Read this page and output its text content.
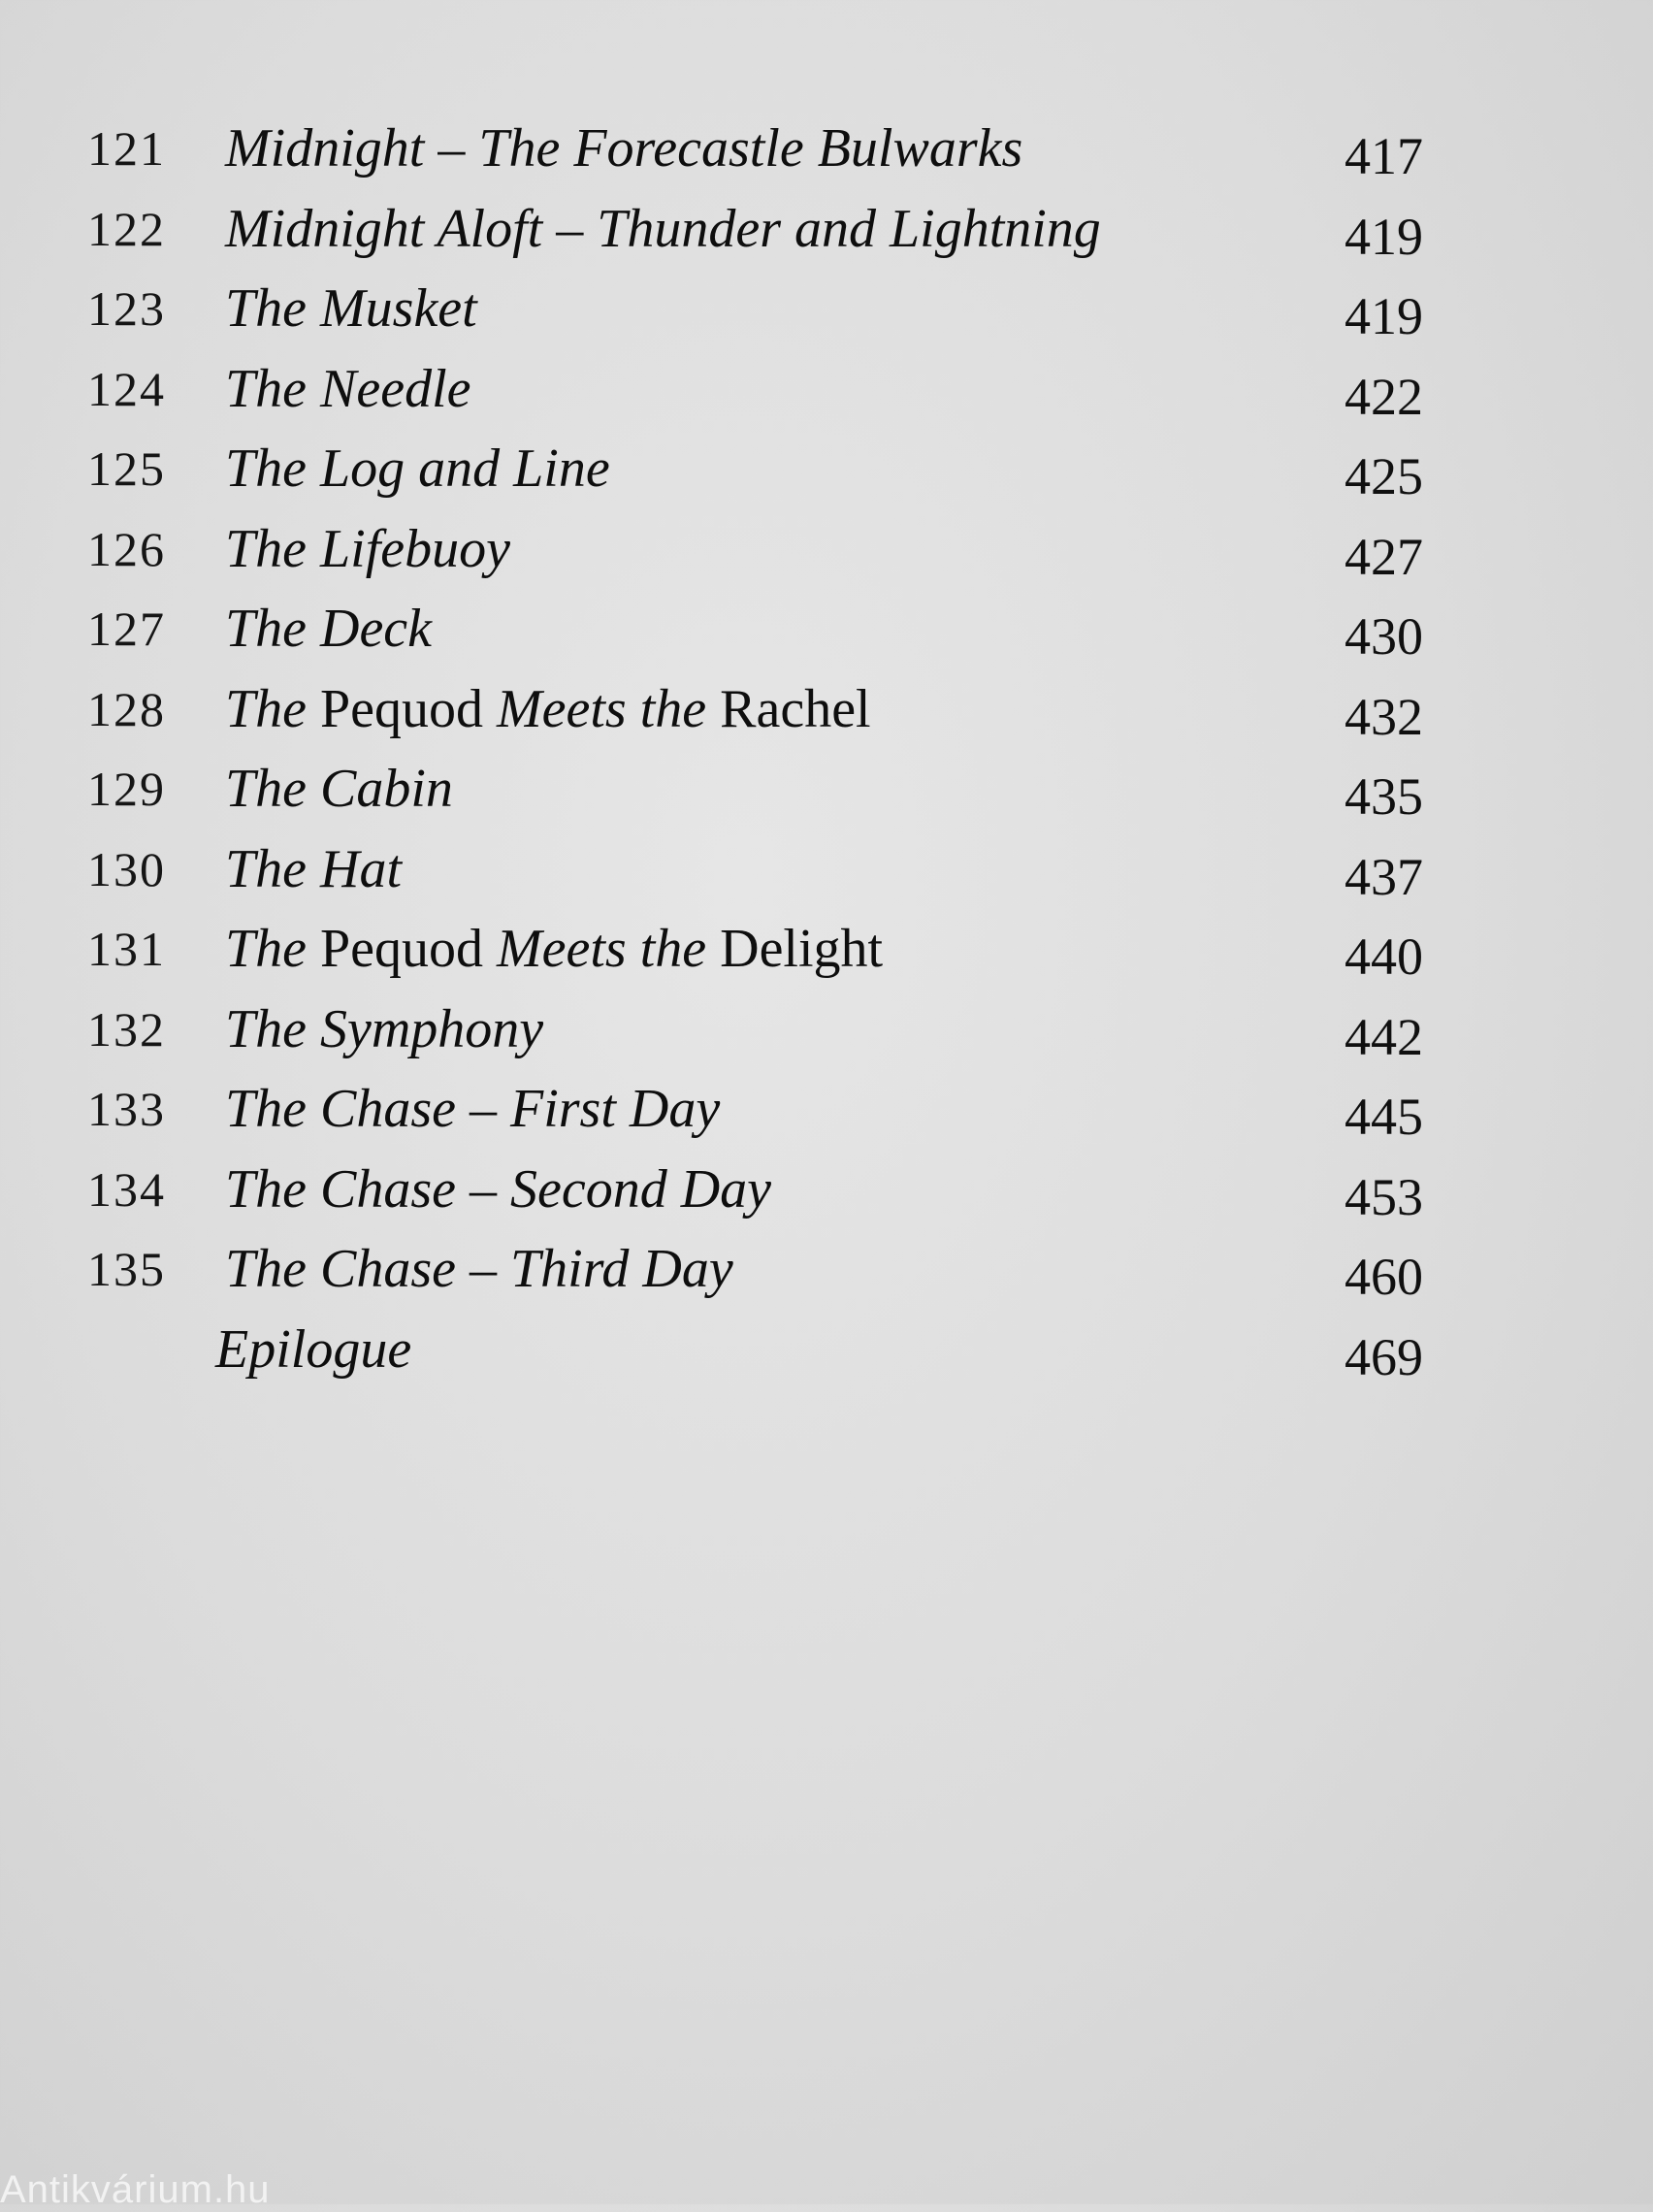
121	Midnight – The Forecastle Bulwarks	417
122	Midnight Aloft – Thunder and Lightning	419
123	The Musket	419
124	The Needle	422
125	The Log and Line	425
126	The Lifebuoy	427
127	The Deck	430
128	The Pequod Meets the Rachel	432
129	The Cabin	435
130	The Hat	437
131	The Pequod Meets the Delight	440
132	The Symphony	442
133	The Chase – First Day	445
134	The Chase – Second Day	453
135	The Chase – Third Day	460
Epilogue	469
Antikvárium.hu
